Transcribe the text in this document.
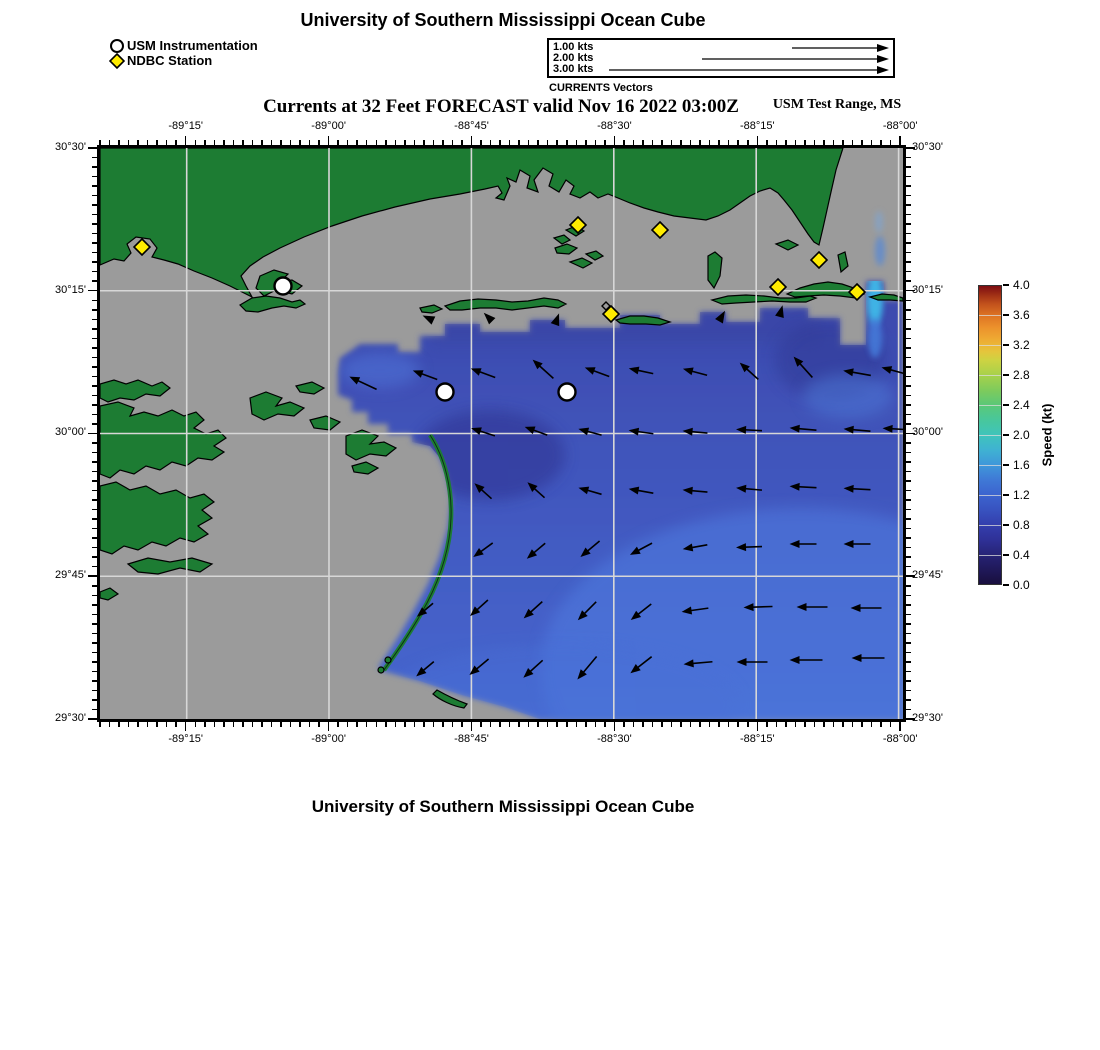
University of Southern Mississippi Ocean Cube
USM Instrumentation
NDBC Station
1.00 kts
2.00 kts
3.00 kts
CURRENTS Vectors
Currents at 32 Feet FORECAST valid Nov 16 2022 03:00Z	USM Test Range, MS
Speed (kt)
University of Southern Mississippi Ocean Cube
-89°15'
-89°15'
-89°00'
-89°00'
-88°45'
-88°45'
-88°30'
-88°30'
-88°15'
-88°15'
-88°00'
-88°00'
29°30'	29°30'
29°45'	29°45'
30°00'	30°00'
30°15'	30°15'
30°30'	30°30'
4.0
3.6
3.2
2.8
2.4
2.0
1.6
1.2
0.8
0.4
0.0
